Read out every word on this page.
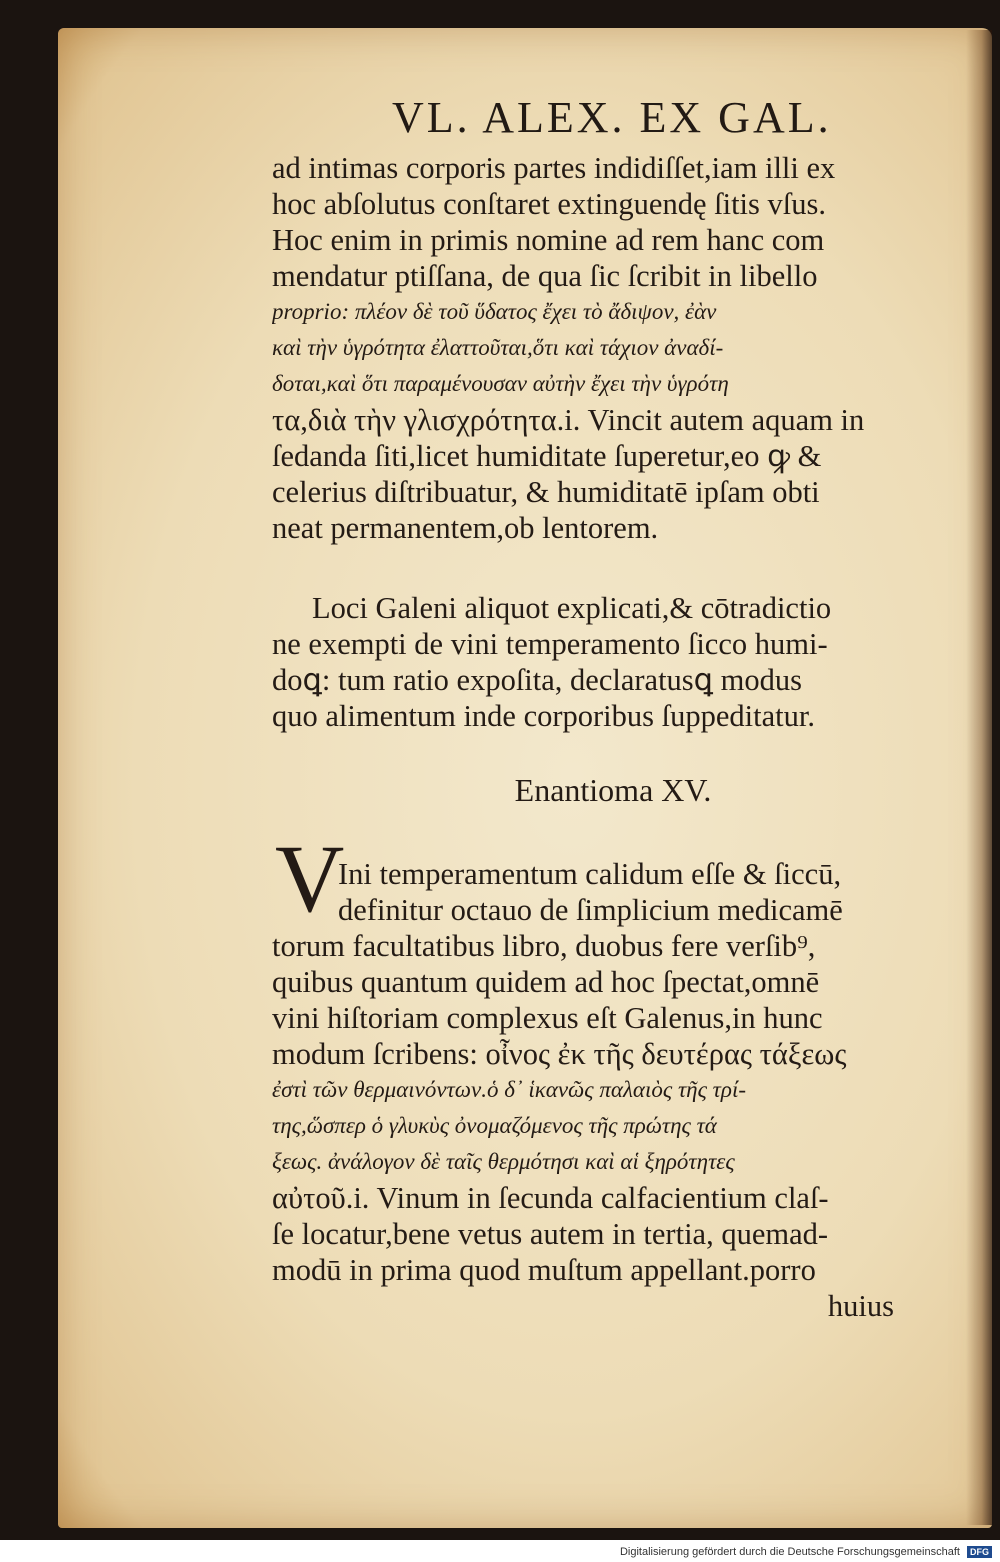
VL. ALEX. EX GAL.
ad intimas corporis partes indidiſſet,iam illi ex
hoc abſolutus conſtaret extinguendę ſitis vſus.
Hoc enim in primis nomine ad rem hanc com
mendatur ptiſſana, de qua ſic ſcribit in libello
proprio: πλέον δὲ τοῦ ὕδατος ἔχει τὸ ἄδιψον, ἐὰν
καὶ τὴν ὑγρότητα ἐλαττοῦται,ὅτι καὶ τάχιον ἀναδί-
δοται,καὶ ὅτι παραμένουσαν αὐτὴν ἔχει τὴν ὑγρότη
τα,διὰ τὴν γλισχρότητα.i. Vincit autem aquam in
ſedanda ſiti,licet humiditate ſuperetur,eo ꝙ &
celerius diſtribuatur, & humiditatē ipſam obti
neat permanentem,ob lentorem.
Loci Galeni aliquot explicati,& cōtradictio
ne exempti de vini temperamento ſicco humi-
doꝗ: tum ratio expoſita, declaratusꝗ modus
quo alimentum inde corporibus ſuppeditatur.
Enantioma XV.
Ini temperamentum calidum eſſe & ſiccū,
definitur octauo de ſimplicium medicamē
torum facultatibus libro, duobus fere verſib⁹,
quibus quantum quidem ad hoc ſpectat,omnē
vini hiſtoriam complexus eſt Galenus,in hunc
modum ſcribens: οἶνος ἐκ τῆς δευτέρας τάξεως
ἐστὶ τῶν θερμαινόντων.ὁ δ᾽ ἱκανῶς παλαιὸς τῆς τρί-
της,ὥσπερ ὁ γλυκὺς ὀνομαζόμενος τῆς πρώτης τά
ξεως. ἀνάλογον δὲ ταῖς θερμότησι καὶ αἱ ξηρότητες
αὐτοῦ.i. Vinum in ſecunda calfacientium claſ-
ſe locatur,bene vetus autem in tertia, quemad-
modū in prima quod muſtum appellant.porro
huius
V
Digitalisierung gefördert durch die Deutsche Forschungsgemeinschaft DFG
